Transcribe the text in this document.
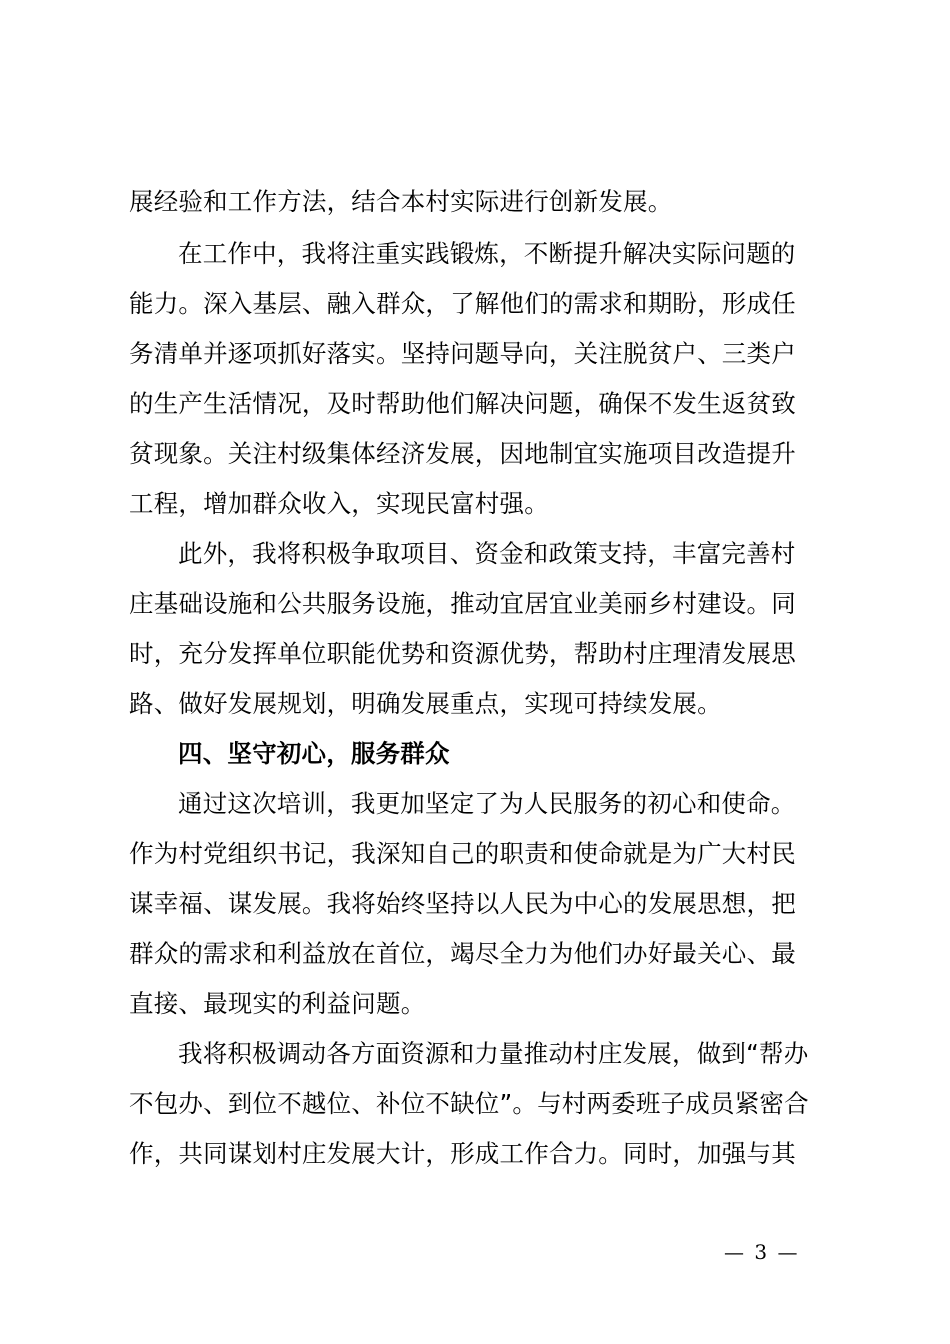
展经验和工作方法，结合本村实际进行创新发展。
在工作中，我将注重实践锻炼，不断提升解决实际问题的
能力。深入基层、融入群众，了解他们的需求和期盼，形成任
务清单并逐项抓好落实。坚持问题导向，关注脱贫户、三类户
的生产生活情况，及时帮助他们解决问题，确保不发生返贫致
贫现象。关注村级集体经济发展，因地制宜实施项目改造提升
工程，增加群众收入，实现民富村强。
此外，我将积极争取项目、资金和政策支持，丰富完善村
庄基础设施和公共服务设施，推动宜居宜业美丽乡村建设。同
时，充分发挥单位职能优势和资源优势，帮助村庄理清发展思
路、做好发展规划，明确发展重点，实现可持续发展。
四、坚守初心，服务群众
通过这次培训，我更加坚定了为人民服务的初心和使命。
作为村党组织书记，我深知自己的职责和使命就是为广大村民
谋幸福、谋发展。我将始终坚持以人民为中心的发展思想，把
群众的需求和利益放在首位，竭尽全力为他们办好最关心、最
直接、最现实的利益问题。
我将积极调动各方面资源和力量推动村庄发展，做到“帮办
不包办、到位不越位、补位不缺位”。与村两委班子成员紧密合
作，共同谋划村庄发展大计，形成工作合力。同时，加强与其
— 3 —
